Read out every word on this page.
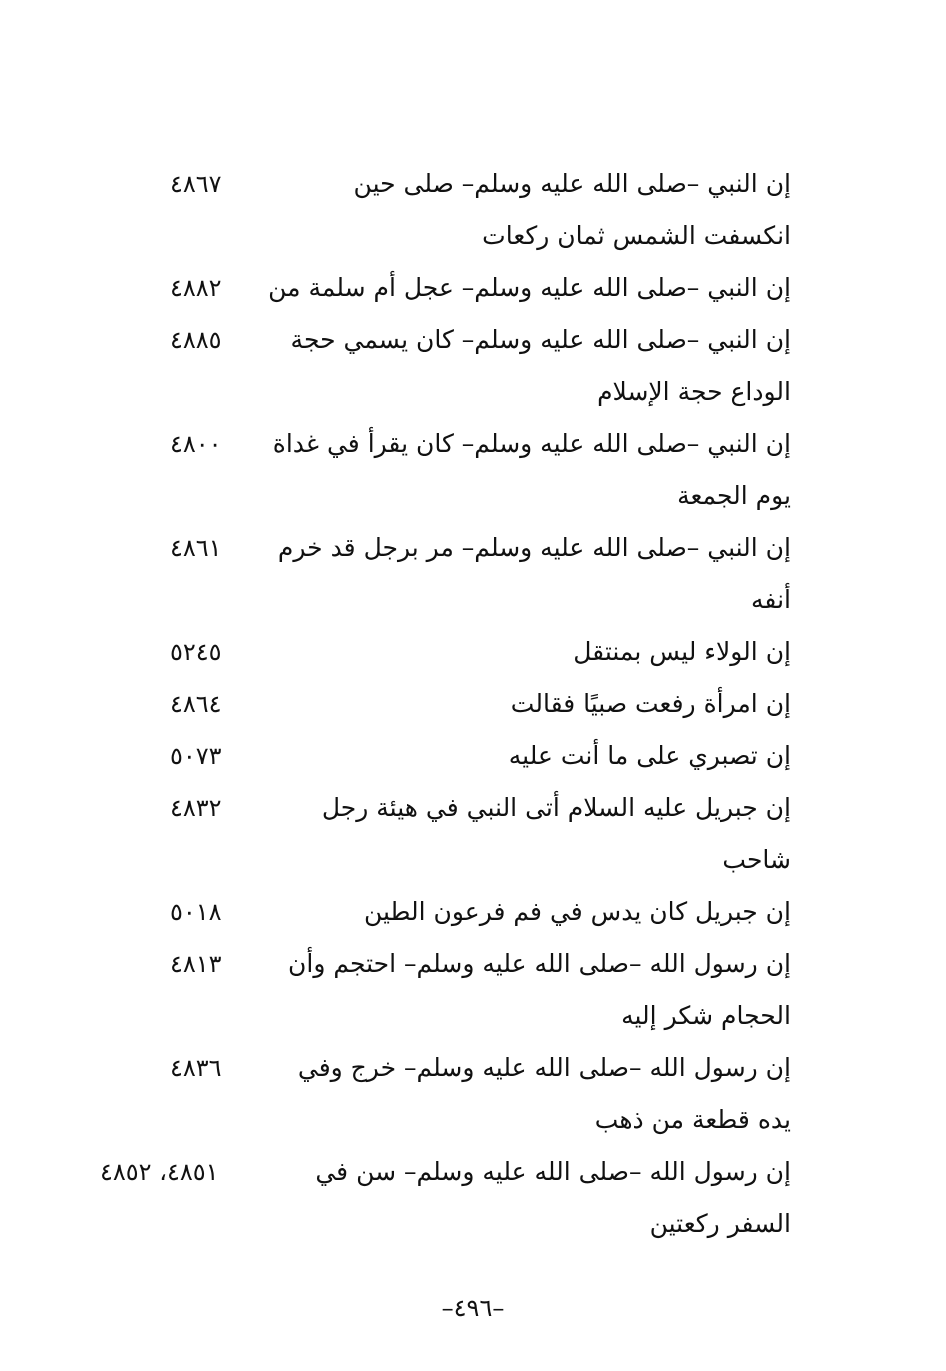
إن النبي –صلى الله عليه وسلم– صلى حين
٤٨٦٧
انكسفت الشمس ثمان ركعات
إن النبي –صلى الله عليه وسلم– عجل أم سلمة من
٤٨٨٢
إن النبي –صلى الله عليه وسلم– كان يسمي حجة
٤٨٨٥
الوداع حجة الإسلام
إن النبي –صلى الله عليه وسلم– كان يقرأ في غداة
٤٨٠٠
يوم الجمعة
إن النبي –صلى الله عليه وسلم– مر برجل قد خرم
٤٨٦١
أنفه
إن الولاء ليس بمنتقل
٥٢٤٥
إن امرأة رفعت صبيًا فقالت
٤٨٦٤
إن تصبري على ما أنت عليه
٥٠٧٣
إن جبريل عليه السلام أتى النبي في هيئة رجل
٤٨٣٢
شاحب
إن جبريل كان يدس في فم فرعون الطين
٥٠١٨
إن رسول الله –صلى الله عليه وسلم– احتجم وأن
٤٨١٣
الحجام شكر إليه
إن رسول الله –صلى الله عليه وسلم– خرج وفي
٤٨٣٦
يده قطعة من ذهب
إن رسول الله –صلى الله عليه وسلم– سن في
٤٨٥١، ٤٨٥٢
السفر ركعتين
–٤٩٦–
